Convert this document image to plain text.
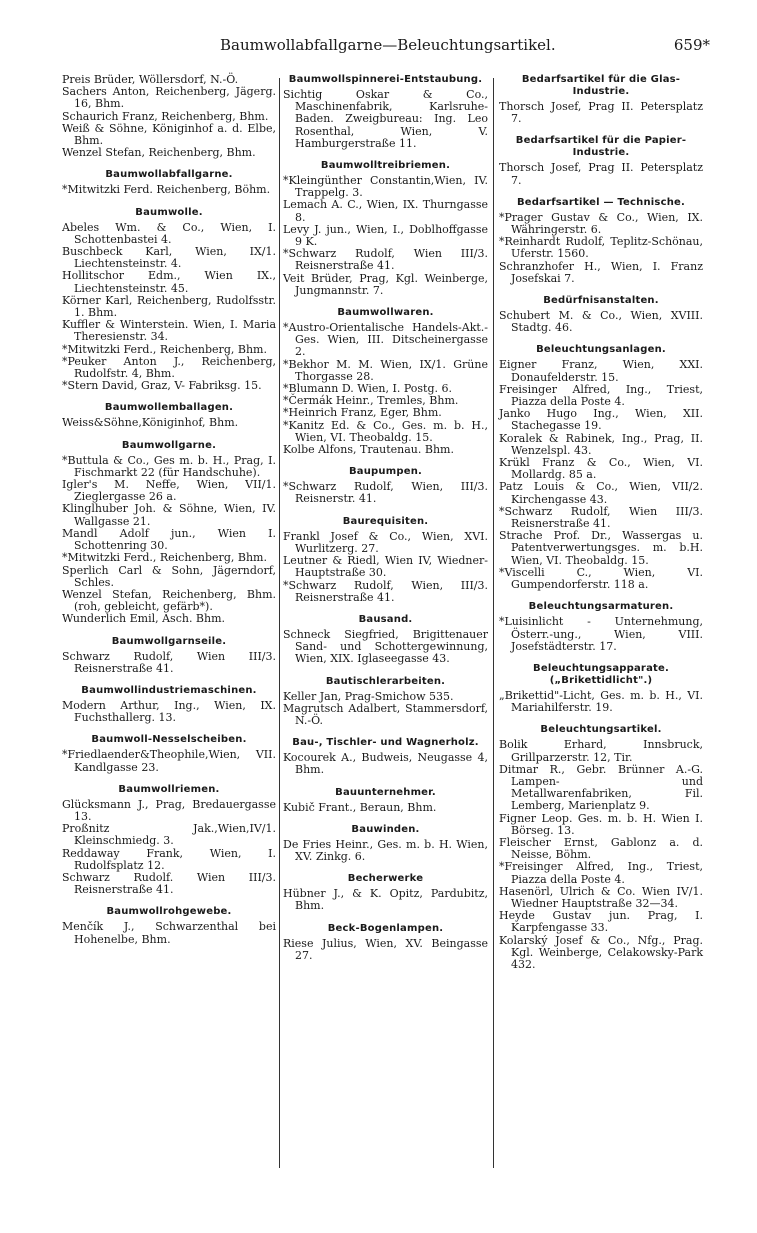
Baumwollabfallgarne—Beleuchtungsartikel.	659*
Preis Brüder, Wöllersdorf, N.-Ö.
Sachers Anton, Reichenberg, Jägerg. 16, Bhm.
Schaurich Franz, Reichenberg, Bhm.
Weiß & Söhne, Königinhof a. d. Elbe, Bhm.
Wenzel Stefan, Reichenberg, Bhm.
Baumwollabfallgarne.
*Mitwitzki Ferd. Reichenberg, Böhm.
Baumwolle.
Abeles Wm. & Co., Wien, I. Schottenbastei 4.
Buschbeck Karl, Wien, IX/1. Liechtensteinstr. 4.
Hollitschor Edm., Wien IX., Liechtensteinstr. 45.
Körner Karl, Reichenberg, Rudolfsstr. 1. Bhm.
Kuffler & Winterstein. Wien, I. Maria Theresienstr. 34.
*Mitwitzki Ferd., Reichenberg, Bhm.
*Peuker Anton J., Reichenberg, Rudolfstr. 4, Bhm.
*Stern David, Graz, V- Fabriksg. 15.
Baumwollemballagen.
Weiss&Söhne,Königinhof, Bhm.
Baumwollgarne.
*Buttula & Co., Ges m. b. H., Prag, I. Fischmarkt 22 (für Handschuhe).
Igler's M. Neffe, Wien, VII/1. Zieglergasse 26 a.
Klinglhuber Joh. & Söhne, Wien, IV. Wallgasse 21.
Mandl Adolf jun., Wien I. Schottenring 30.
*Mitwitzki Ferd., Reichenberg, Bhm.
Sperlich Carl & Sohn, Jägerndorf, Schles.
Wenzel Stefan, Reichenberg, Bhm. (roh, gebleicht, gefärb*).
Wunderlich Emil, Asch. Bhm.
Baumwollgarnseile.
Schwarz Rudolf, Wien III/3. Reisnerstraße 41.
Baumwollindustriemaschinen.
Modern Arthur, Ing., Wien, IX. Fuchsthallerg. 13.
Baumwoll-Nesselscheiben.
*Friedlaender&Theophile,Wien, VII. Kandlgasse 23.
Baumwollriemen.
Glücksmann J., Prag, Bredauergasse 13.
Proßnitz Jak.,Wien,IV/1. Kleinschmiedg. 3.
Reddaway Frank, Wien, I. Rudolfsplatz 12.
Schwarz Rudolf. Wien III/3. Reisnerstraße 41.
Baumwollrohgewebe.
Menčík J., Schwarzenthal bei Hohenelbe, Bhm.
Baumwollspinnerei-Entstaubung.
Sichtig Oskar & Co., Maschinenfabrik, Karlsruhe-Baden. Zweigbureau: Ing. Leo Rosenthal, Wien, V. Hamburgerstraße 11.
Baumwolltreibriemen.
*Kleingünther Constantin,Wien, IV. Trappelg. 3.
Lemach A. C., Wien, IX. Thurngasse 8.
Levy J. jun., Wien, I., Doblhoffgasse 9 K.
*Schwarz Rudolf, Wien III/3. Reisnerstraße 41.
Veit Brüder, Prag, Kgl. Weinberge, Jungmannstr. 7.
Baumwollwaren.
*Austro-Orientalische Handels-Akt.-Ges. Wien, III. Ditscheinergasse 2.
*Bekhor M. M. Wien, IX/1. Grüne Thorgasse 28.
*Blumann D. Wien, I. Postg. 6.
*Čermák Heinr., Tremles, Bhm.
*Heinrich Franz, Eger, Bhm.
*Kanitz Ed. & Co., Ges. m. b. H., Wien, VI. Theobaldg. 15.
Kolbe Alfons, Trautenau. Bhm.
Baupumpen.
*Schwarz Rudolf, Wien, III/3. Reisnerstr. 41.
Baurequisiten.
Frankl Josef & Co., Wien, XVI. Wurlitzerg. 27.
Leutner & Riedl, Wien IV, Wiedner-Hauptstraße 30.
*Schwarz Rudolf, Wien, III/3. Reisnerstraße 41.
Bausand.
Schneck Siegfried, Brigittenauer Sand- und Schottergewinnung, Wien, XIX. Iglaseegasse 43.
Bautischlerarbeiten.
Keller Jan, Prag-Smichow 535.
Magrutsch Adalbert, Stammersdorf, N.-Ö.
Bau-, Tischler- und Wagnerholz.
Kocourek A., Budweis, Neugasse 4, Bhm.
Bauunternehmer.
Kubič Frant., Beraun, Bhm.
Bauwinden.
De Fries Heinr., Ges. m. b. H. Wien, XV. Zinkg. 6.
Becherwerke
Hübner J., & K. Opitz, Pardubitz, Bhm.
Beck-Bogenlampen.
Riese Julius, Wien, XV. Beingasse 27.
Bedarfsartikel für die Glas-Industrie.
Thorsch Josef, Prag II. Petersplatz 7.
Bedarfsartikel für die Papier-Industrie.
Thorsch Josef, Prag II. Petersplatz 7.
Bedarfsartikel — Technische.
*Prager Gustav & Co., Wien, IX. Währingerstr. 6.
*Reinhardt Rudolf, Teplitz-Schönau, Uferstr. 1560.
Schranzhofer H., Wien, I. Franz Josefskai 7.
Bedürfnisanstalten.
Schubert M. & Co., Wien, XVIII. Stadtg. 46.
Beleuchtungsanlagen.
Eigner Franz, Wien, XXI. Donaufelderstr. 15.
Freisinger Alfred, Ing., Triest, Piazza della Poste 4.
Janko Hugo Ing., Wien, XII. Stachegasse 19.
Koralek & Rabinek, Ing., Prag, II. Wenzelspl. 43.
Krükl Franz & Co., Wien, VI. Mollardg. 85 a.
Patz Louis & Co., Wien, VII/2. Kirchengasse 43.
*Schwarz Rudolf, Wien III/3. Reisnerstraße 41.
Strache Prof. Dr., Wassergas u. Patentverwertungsges. m. b.H. Wien, VI. Theobaldg. 15.
*Viscelli C., Wien, VI. Gumpendorferstr. 118 a.
Beleuchtungsarmaturen.
*Luisinlicht - Unternehmung, Österr.-ung., Wien, VIII. Josefstädterstr. 17.
Beleuchtungsapparate. („Brikettidlicht".)
„Brikettid"-Licht, Ges. m. b. H., VI. Mariahilferstr. 19.
Beleuchtungsartikel.
Bolik Erhard, Innsbruck, Grillparzerstr. 12, Tir.
Ditmar R., Gebr. Brünner A.-G. Lampen- und Metallwarenfabriken, Fil. Lemberg, Marienplatz 9.
Figner Leop. Ges. m. b. H. Wien I. Börseg. 13.
Fleischer Ernst, Gablonz a. d. Neisse, Böhm.
*Freisinger Alfred, Ing., Triest, Piazza della Poste 4.
Hasenörl, Ulrich & Co. Wien IV/1. Wiedner Hauptstraße 32—34.
Heyde Gustav jun. Prag, I. Karpfengasse 33.
Kolarský Josef & Co., Nfg., Prag. Kgl. Weinberge, Celakowsky-Park 432.
